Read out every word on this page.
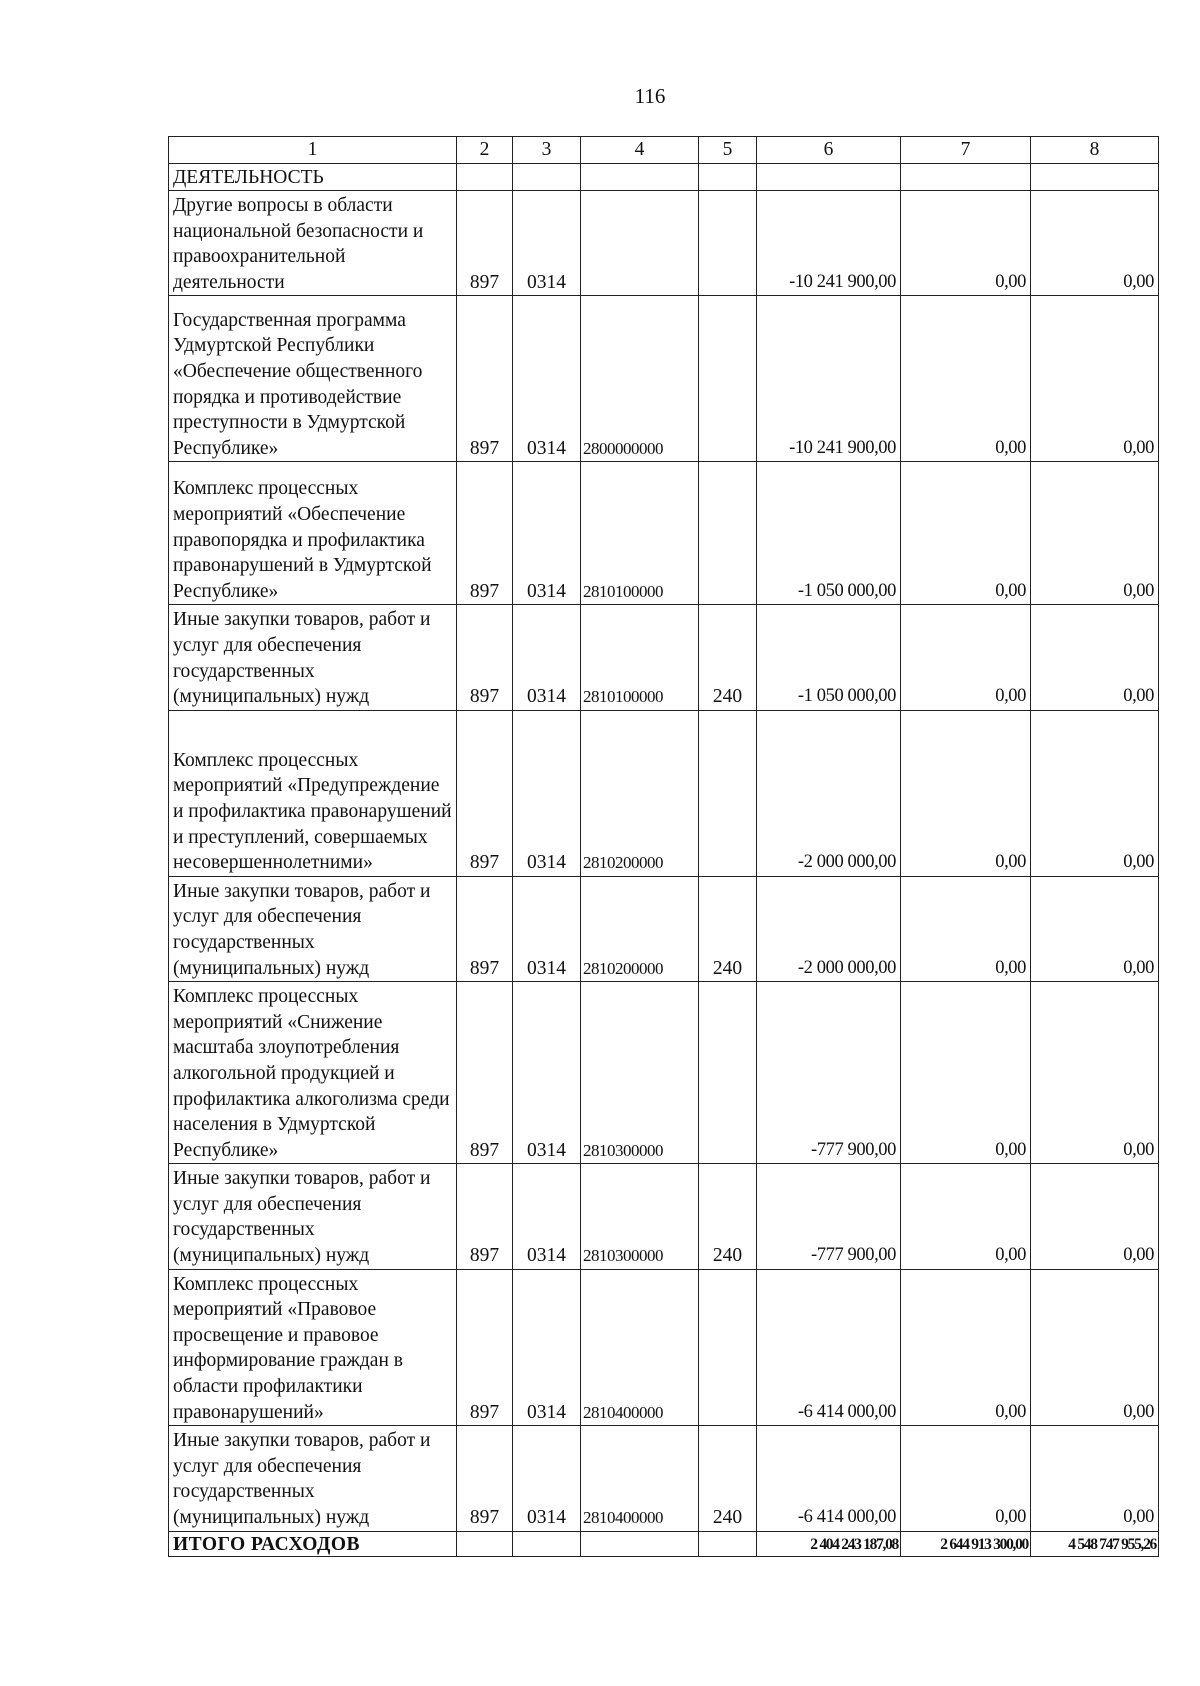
116
1	2	3	4	5	6	7	8
ДЕЯТЕЛЬНОСТЬ							
Другие вопросы в области национальной безопасности и правоохранительной деятельности	897	0314			-10 241 900,00	0,00	0,00
Государственная программа Удмуртской Республики «Обеспечение общественного порядка и противодействие преступности в Удмуртской Республике»	897	0314	2800000000		-10 241 900,00	0,00	0,00
Комплекс процессных мероприятий «Обеспечение правопорядка и профилактика правонарушений в Удмуртской Республике»	897	0314	2810100000		-1 050 000,00	0,00	0,00
Иные закупки товаров, работ и услуг для обеспечения государственных (муниципальных) нужд	897	0314	2810100000	240	-1 050 000,00	0,00	0,00
Комплекс процессных мероприятий «Предупреждение и профилактика правонарушений и преступлений, совершаемых несовершеннолетними»	897	0314	2810200000		-2 000 000,00	0,00	0,00
Иные закупки товаров, работ и услуг для обеспечения государственных (муниципальных) нужд	897	0314	2810200000	240	-2 000 000,00	0,00	0,00
Комплекс процессных мероприятий «Снижение масштаба злоупотребления алкогольной продукцией и профилактика алкоголизма среди населения в Удмуртской Республике»	897	0314	2810300000		-777 900,00	0,00	0,00
Иные закупки товаров, работ и услуг для обеспечения государственных (муниципальных) нужд	897	0314	2810300000	240	-777 900,00	0,00	0,00
Комплекс процессных мероприятий «Правовое просвещение и правовое информирование граждан в области профилактики правонарушений»	897	0314	2810400000		-6 414 000,00	0,00	0,00
Иные закупки товаров, работ и услуг для обеспечения государственных (муниципальных) нужд	897	0314	2810400000	240	-6 414 000,00	0,00	0,00
ИТОГО РАСХОДОВ					2 404 243 187,08	2 644 913 300,00	4 548 747 955,26
